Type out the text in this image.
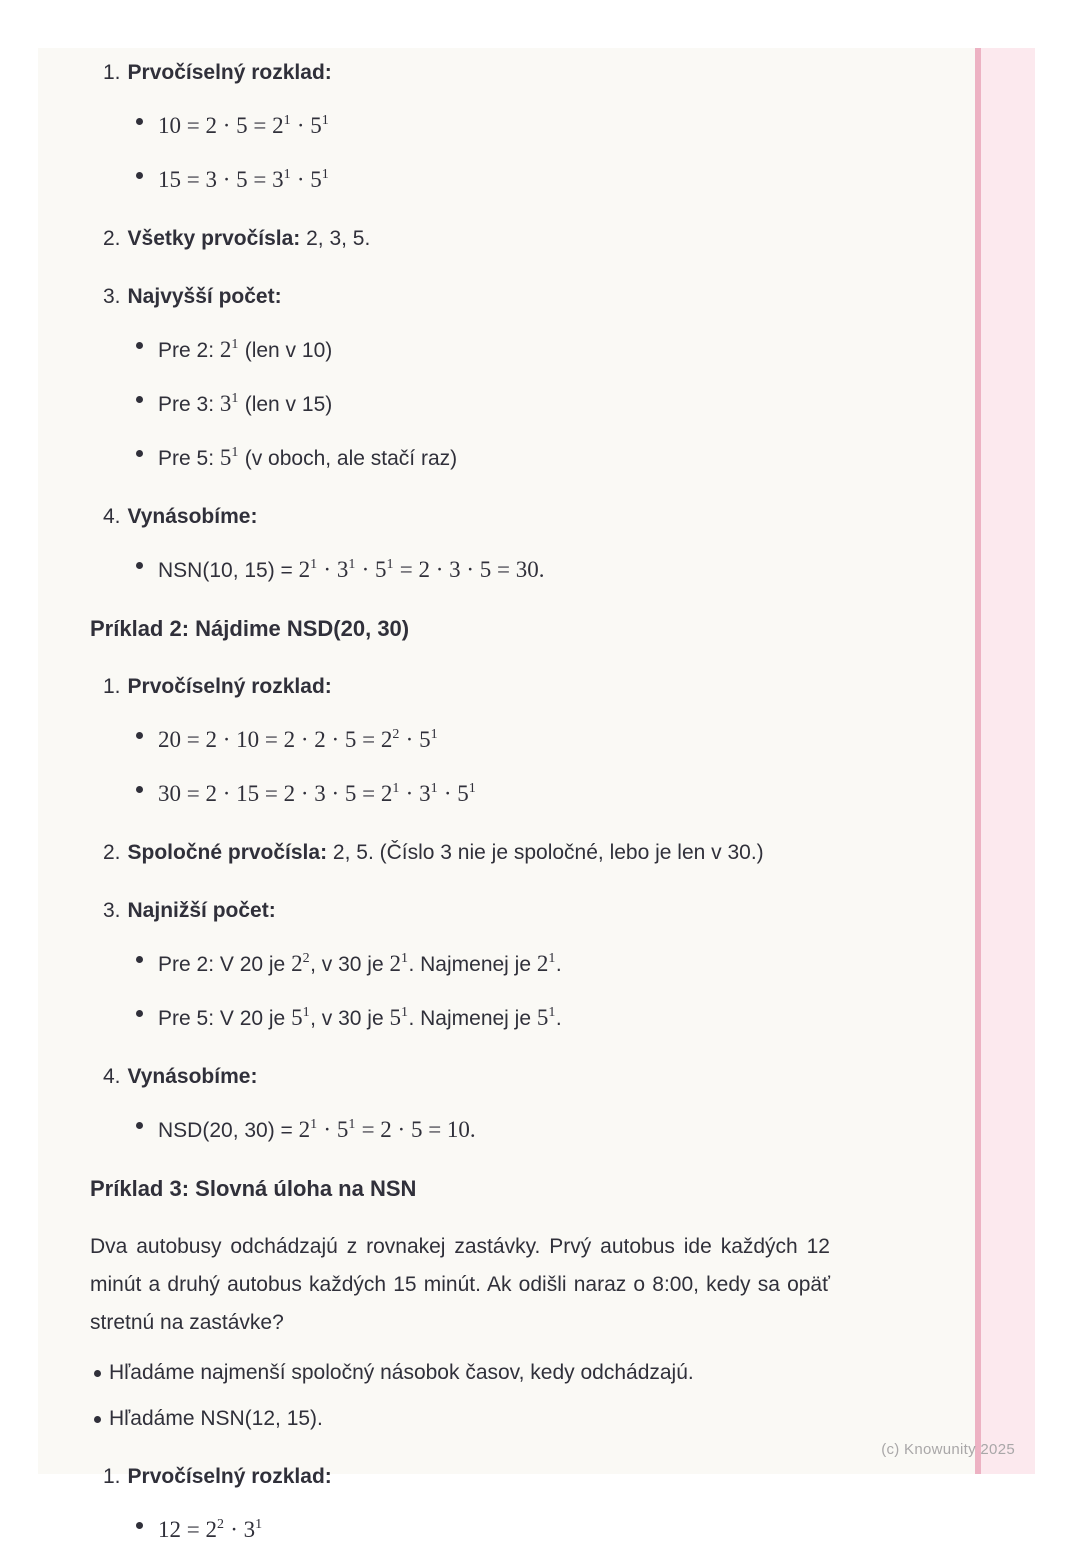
1. Prvočíselný rozklad:
$10 = 2 \cdot 5 = 2^1 \cdot 5^1$
$15 = 3 \cdot 5 = 3^1 \cdot 5^1$
2. Všetky prvočísla: 2, 3, 5.
3. Najvyšší počet:
Pre 2: $2^1$ (len v 10)
Pre 3: $3^1$ (len v 15)
Pre 5: $5^1$ (v oboch, ale stačí raz)
4. Vynásobíme:
NSN(10, $15) = 2^1 \cdot 3^1 \cdot 5^1 = 2 \cdot 3 \cdot 5 = 30$.
Príklad 2: Nájdime NSD(20, 30)
1. Prvočíselný rozklad:
$20 = 2 \cdot 10 = 2 \cdot 2 \cdot 5 = 2^2 \cdot 5^1$
$30 = 2 \cdot 15 = 2 \cdot 3 \cdot 5 = 2^1 \cdot 3^1 \cdot 5^1$
2. Spoločné prvočísla: 2, 5. (Číslo 3 nie je spoločné, lebo je len v 30.)
3. Najnižší počet:
Pre 2: V 20 je $2^2$, v 30 je $2^1$. Najmenej je $2^1$.
Pre 5: V 20 je $5^1$, v 30 je $5^1$. Najmenej je $5^1$.
4. Vynásobíme:
NSD(20, $30) = 2^1 \cdot 5^1 = 2 \cdot 5 = 10$.
Príklad 3: Slovná úloha na NSN
Dva autobusy odchádzajú z rovnakej zastávky. Prvý autobus ide každých 12
minút a druhý autobus každých 15 minút. Ak odišli naraz o 8:00, kedy sa opäť
stretnú na zastávke?
Hľadáme najmenší spoločný násobok časov, kedy odchádzajú.
Hľadáme NSN(12, 15).
1. Prvočíselný rozklad:
$12 = 2^2 \cdot 3^1$
(c) Knowunity 2025
